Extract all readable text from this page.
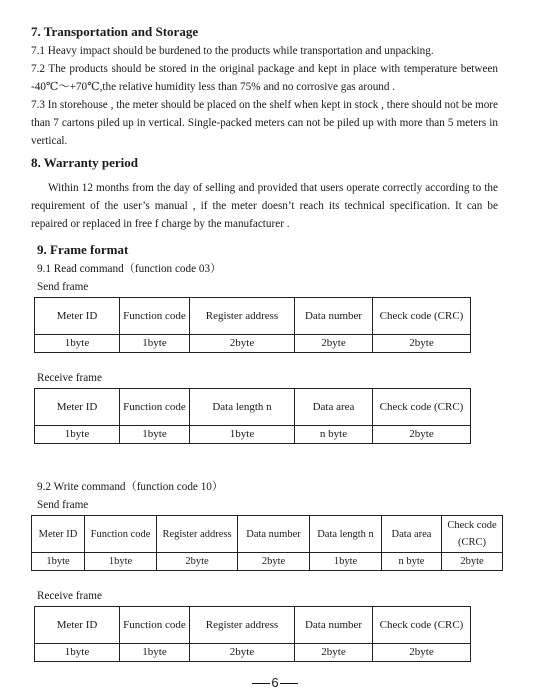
7. Transportation and Storage

7.1 Heavy impact should be burdened to the products while transportation and unpacking.

7.2 The products should be stored in the original package and kept in place with temperature between -40℃～+70℃,the relative humidity less than 75% and no corrosive gas around .

7.3 In storehouse , the meter should be placed on the shelf when kept in stock , there should not be more than 7 cartons piled up in vertical. Single-packed meters can not be piled up with more than 5 meters in vertical.

8. Warranty period

Within 12 months from the day of selling and provided that users operate correctly according to the requirement of the user’s manual , if the meter doesn’t reach its technical specification. It can be repaired or replaced in free f charge by the manufacturer .

9. Frame format

9.1 Read command（function code 03）

Send frame

Meter ID	Function code	Register address	Data number	Check code (CRC)
1byte	1byte	2byte	2byte	2byte

Receive frame

Meter ID	Function code	Data length n	Data area	Check code (CRC)
1byte	1byte	1byte	n byte	2byte

9.2 Write command（function code 10）

Send frame

Meter ID	Function code	Register address	Data number	Data length n	Data area	Check code (CRC)
1byte	1byte	2byte	2byte	1byte	n byte	2byte

Receive frame

Meter ID	Function code	Register address	Data number	Check code (CRC)
1byte	1byte	2byte	2byte	2byte
6
